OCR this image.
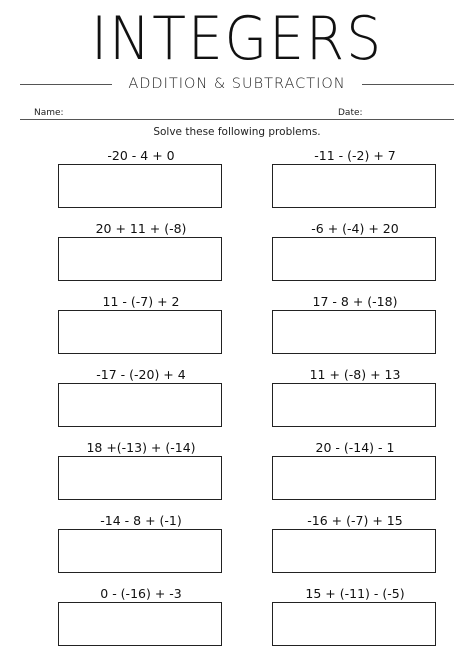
INTEGERS
ADDITION & SUBTRACTION
Name:	Date:
Solve these following problems.
-20 - 4 + 0	-11 - (-2) + 7
20 + 11 + (-8)	-6 + (-4) + 20
11 - (-7) + 2	17 - 8 + (-18)
-17 - (-20) + 4	11 + (-8) + 13
18 +(-13) + (-14)	20 - (-14) - 1
-14 - 8 + (-1)	-16 + (-7) + 15
0 - (-16) + -3	15 + (-11) - (-5)
